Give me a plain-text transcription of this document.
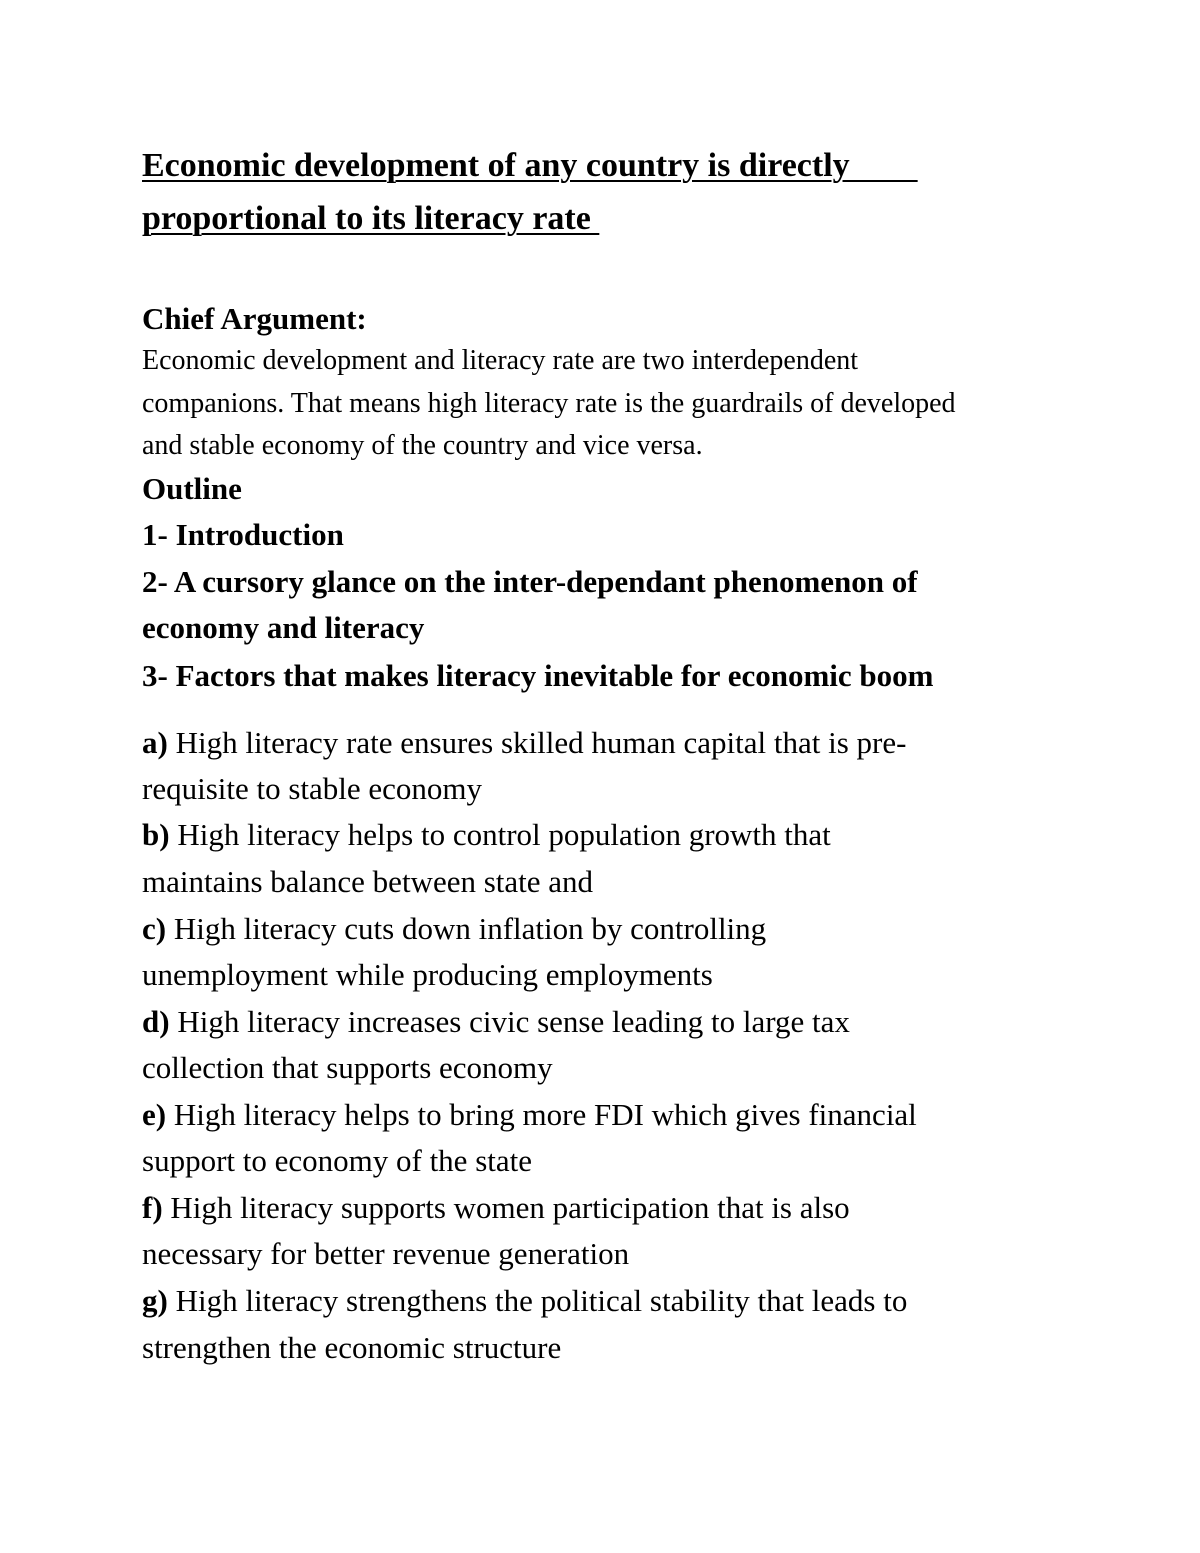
Economic development of any country is directly
proportional to its literacy rate
Chief Argument:
Economic development and literacy rate are two interdependent
companions. That means high literacy rate is the guardrails of developed
and stable economy of the country and vice versa.
Outline
1- Introduction
2- A cursory glance on the inter-dependant phenomenon of
economy and literacy
3- Factors that makes literacy inevitable for economic boom
a) High literacy rate ensures skilled human capital that is pre-
requisite to stable economy
b) High literacy helps to control population growth that
maintains balance between state and
c) High literacy cuts down inflation by controlling
unemployment while producing employments
d) High literacy increases civic sense leading to large tax
collection that supports economy
e) High literacy helps to bring more FDI which gives financial
support to economy of the state
f) High literacy supports women participation that is also
necessary for better revenue generation
g) High literacy strengthens the political stability that leads to
strengthen the economic structure
